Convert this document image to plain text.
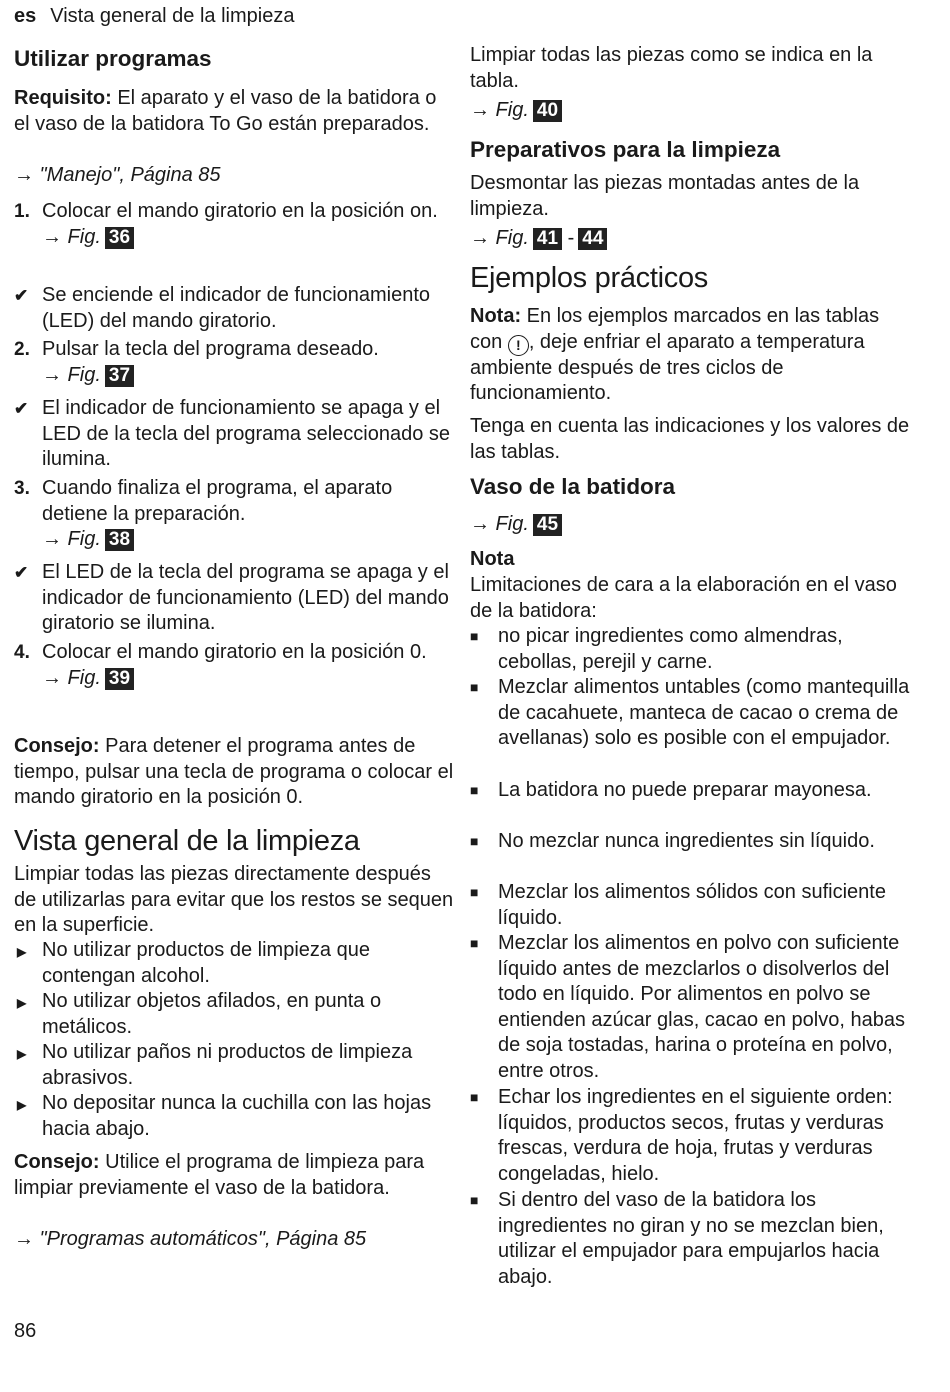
es Vista general de la limpieza
Utilizar programas
Requisito: El aparato y el vaso de la batidora o el vaso de la batidora To Go están preparados.
→ "Manejo", Página 85
1. Colocar el mando giratorio en la posición on.
→ Fig. 36
✔ Se enciende el indicador de funcionamiento (LED) del mando giratorio.
2. Pulsar la tecla del programa deseado.
→ Fig. 37
✔ El indicador de funcionamiento se apaga y el LED de la tecla del programa seleccionado se ilumina.
3. Cuando finaliza el programa, el aparato detiene la preparación.
→ Fig. 38
✔ El LED de la tecla del programa se apaga y el indicador de funcionamiento (LED) del mando giratorio se ilumina.
4. Colocar el mando giratorio en la posición 0.
→ Fig. 39
Consejo: Para detener el programa antes de tiempo, pulsar una tecla de programa o colocar el mando giratorio en la posición 0.
Vista general de la limpieza
Limpiar todas las piezas directamente después de utilizarlas para evitar que los restos se sequen en la superficie.
▶ No utilizar productos de limpieza que contengan alcohol.
▶ No utilizar objetos afilados, en punta o metálicos.
▶ No utilizar paños ni productos de limpieza abrasivos.
▶ No depositar nunca la cuchilla con las hojas hacia abajo.
Consejo: Utilice el programa de limpieza para limpiar previamente el vaso de la batidora.
→ "Programas automáticos", Página 85
Limpiar todas las piezas como se indica en la tabla.
→ Fig. 40
Preparativos para la limpieza
Desmontar las piezas montadas antes de la limpieza.
→ Fig. 41 - 44
Ejemplos prácticos
Nota: En los ejemplos marcados en las tablas con ! , deje enfriar el aparato a temperatura ambiente después de tres ciclos de funcionamiento.
Tenga en cuenta las indicaciones y los valores de las tablas.
Vaso de la batidora
→ Fig. 45
Nota
Limitaciones de cara a la elaboración en el vaso de la batidora:
■ no picar ingredientes como almendras, cebollas, perejil y carne.
■ Mezclar alimentos untables (como mantequilla de cacahuete, manteca de cacao o crema de avellanas) solo es posible con el empujador.
■ La batidora no puede preparar mayonesa.
■ No mezclar nunca ingredientes sin líquido.
■ Mezclar los alimentos sólidos con suficiente líquido.
■ Mezclar los alimentos en polvo con suficiente líquido antes de mezclarlos o disolverlos del todo en líquido. Por alimentos en polvo se entienden azúcar glas, cacao en polvo, habas de soja tostadas, harina o proteína en polvo, entre otros.
■ Echar los ingredientes en el siguiente orden: líquidos, productos secos, frutas y verduras frescas, verdura de hoja, frutas y verduras congeladas, hielo.
■ Si dentro del vaso de la batidora los ingredientes no giran y no se mezclan bien, utilizar el empujador para empujarlos hacia abajo.
86
